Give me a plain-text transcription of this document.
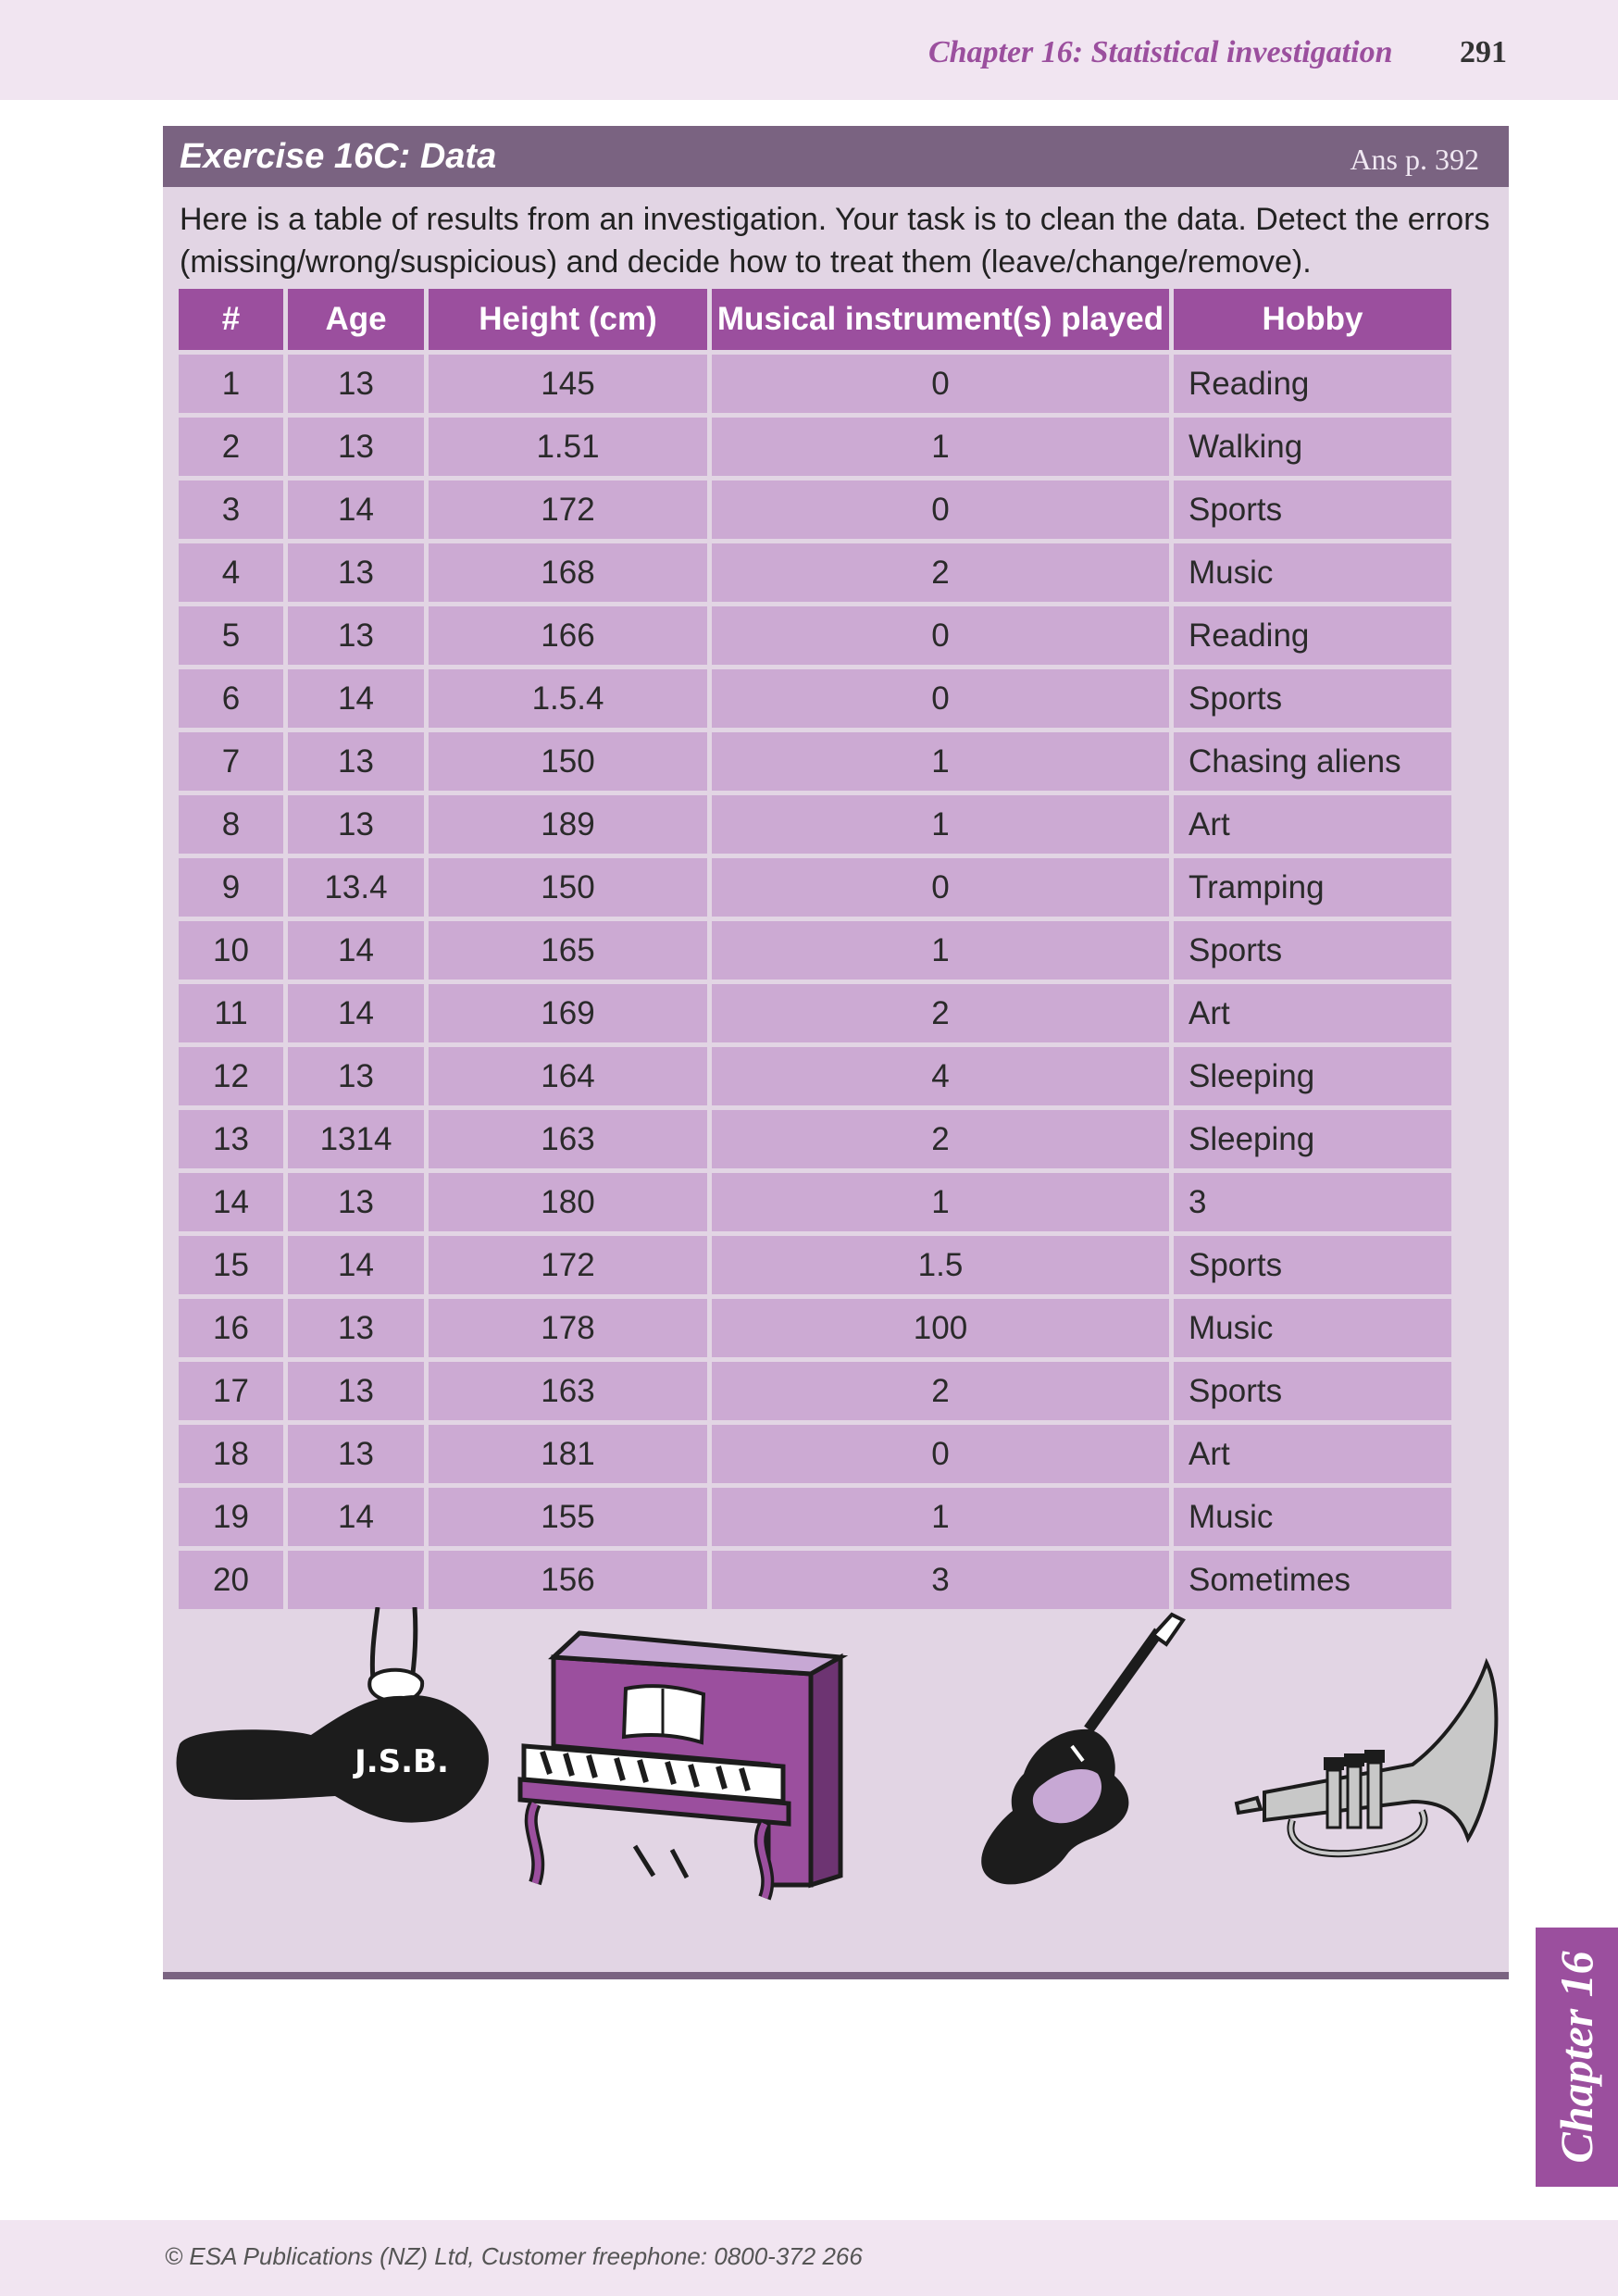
Chapter 16: Statistical investigation 291
Exercise 16C: Data	Ans p. 392
Here is a table of results from an investigation. Your task is to clean the data. Detect the errors (missing/wrong/suspicious) and decide how to treat them (leave/change/remove).
#	Age	Height (cm)	Musical instrument(s) played	Hobby
1	13	145	0	Reading
2	13	1.51	1	Walking
3	14	172	0	Sports
4	13	168	2	Music
5	13	166	0	Reading
6	14	1.5.4	0	Sports
7	13	150	1	Chasing aliens
8	13	189	1	Art
9	13.4	150	0	Tramping
10	14	165	1	Sports
11	14	169	2	Art
12	13	164	4	Sleeping
13	1314	163	2	Sleeping
14	13	180	1	3
15	14	172	1.5	Sports
16	13	178	100	Music
17	13	163	2	Sports
18	13	181	0	Art
19	14	155	1	Music
20		156	3	Sometimes
J.S.B.
Chapter 16
© ESA Publications (NZ) Ltd, Customer freephone: 0800-372 266
